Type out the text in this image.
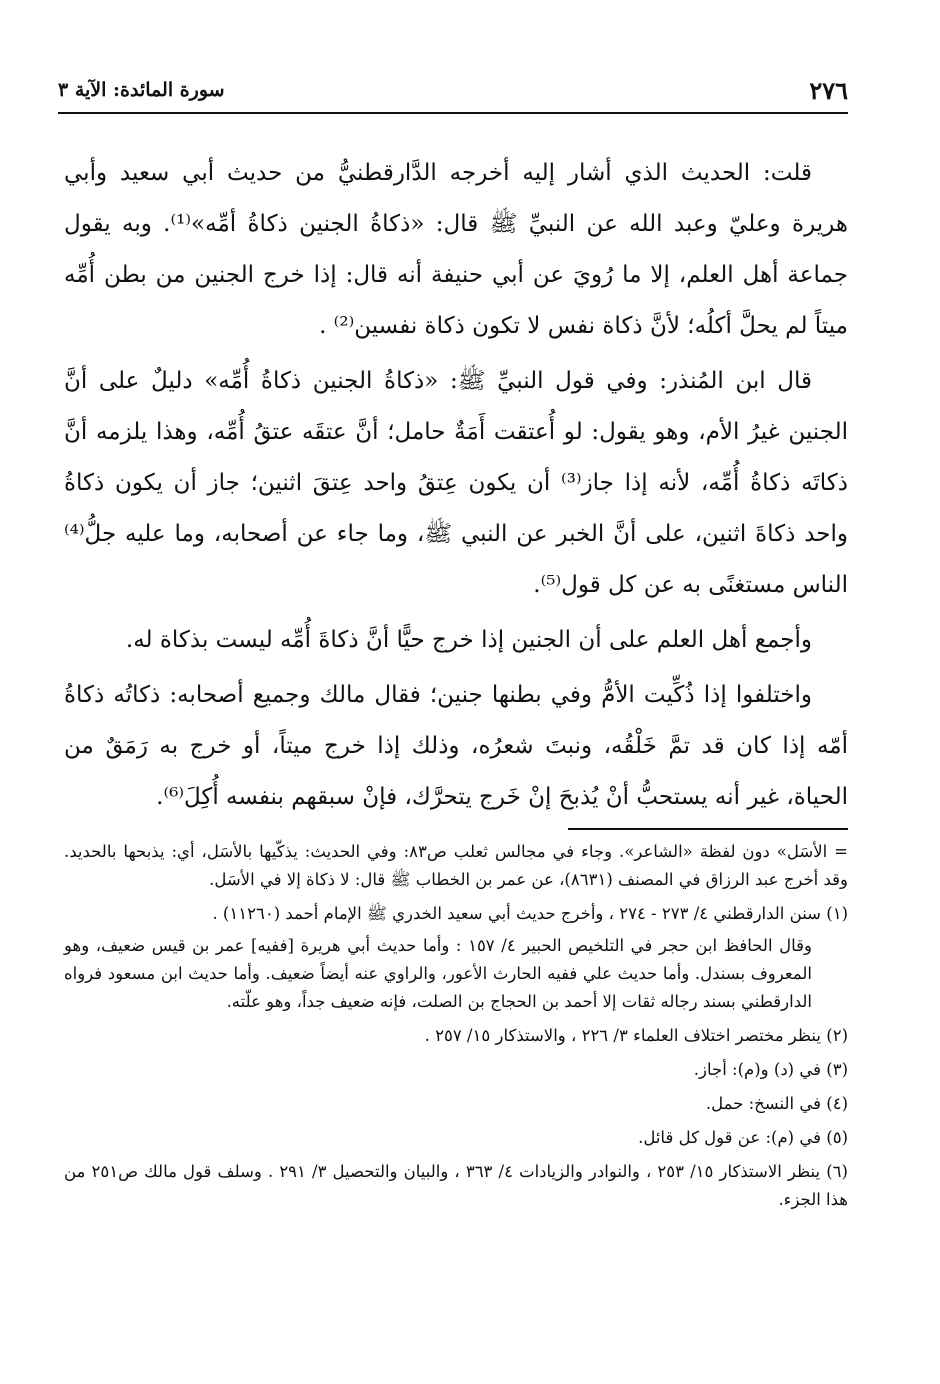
٢٧٦
سورة المائدة: الآية ٣

قلت: الحديث الذي أشار إليه أخرجه الدَّارقطنيُّ من حديث أبي سعيد وأبي هريرة وعليّ وعبد الله عن النبيِّ ﷺ قال: «ذكاةُ الجنين ذكاةُ أمِّه»⁽¹⁾. وبه يقول جماعة أهل العلم، إلا ما رُويَ عن أبي حنيفة أنه قال: إذا خرج الجنين من بطن أُمِّه ميتاً لم يحلَّ أكلُه؛ لأنَّ ذكاة نفس لا تكون ذكاة نفسين⁽²⁾ .

قال ابن المُنذر: وفي قول النبيِّ ﷺ: «ذكاةُ الجنين ذكاةُ أُمِّه» دليلٌ على أنَّ الجنين غيرُ الأم، وهو يقول: لو أُعتقت أَمَةٌ حامل؛ أنَّ عتقَه عتقُ أُمِّه، وهذا يلزمه أنَّ ذكاتَه ذكاةُ أُمِّه، لأنه إذا جاز⁽³⁾ أن يكون عِتقُ واحد عِتقَ اثنين؛ جاز أن يكون ذكاةُ واحد ذكاةَ اثنين، على أنَّ الخبر عن النبي ﷺ، وما جاء عن أصحابه، وما عليه جلُّ⁽⁴⁾ الناس مستغنًى به عن كل قول⁽⁵⁾.

وأجمع أهل العلم على أن الجنين إذا خرج حيًّا أنَّ ذكاةَ أُمِّه ليست بذكاة له.

واختلفوا إذا ذُكِّيت الأمُّ وفي بطنها جنين؛ فقال مالك وجميع أصحابه: ذكاتُه ذكاةُ أمّه إذا كان قد تمَّ خَلْقُه، ونبتَ شعرُه، وذلك إذا خرج ميتاً، أو خرج به رَمَقٌ من الحياة، غير أنه يستحبُّ أنْ يُذبحَ إنْ خَرج يتحرَّك، فإنْ سبقهم بنفسه أُكِلَ⁽⁶⁾.

= الأسَل» دون لفظة «الشاعر». وجاء في مجالس ثعلب ص٨٣: وفي الحديث: يذكّيها بالأسَل، أي: يذبحها بالحديد. وقد أخرج عبد الرزاق في المصنف (٨٦٣١)، عن عمر بن الخطاب ﷺ قال: لا ذكاة إلا في الأسَل.

(١) سنن الدارقطني ٤/ ٢٧٣ - ٢٧٤ ، وأخرج حديث أبي سعيد الخدري ﷺ الإمام أحمد (١١٢٦٠) .

وقال الحافظ ابن حجر في التلخيص الحبير ٤/ ١٥٧ : وأما حديث أبي هريرة [ففيه] عمر بن قيس ضعيف، وهو المعروف بسندل. وأما حديث علي ففيه الحارث الأعور، والراوي عنه أيضاً ضعيف. وأما حديث ابن مسعود فرواه الدارقطني بسند رجاله ثقات إلا أحمد بن الحجاج بن الصلت، فإنه ضعيف جداً، وهو علّته.

(٢) ينظر مختصر اختلاف العلماء ٣/ ٢٢٦ ، والاستذكار ١٥/ ٢٥٧ .

(٣) في (د) و(م): أجاز.

(٤) في النسخ: حمل.

(٥) في (م): عن قول كل قائل.

(٦) ينظر الاستذكار ١٥/ ٢٥٣ ، والنوادر والزيادات ٤/ ٣٦٣ ، والبيان والتحصيل ٣/ ٢٩١ . وسلف قول مالك ص٢٥١ من هذا الجزء.
